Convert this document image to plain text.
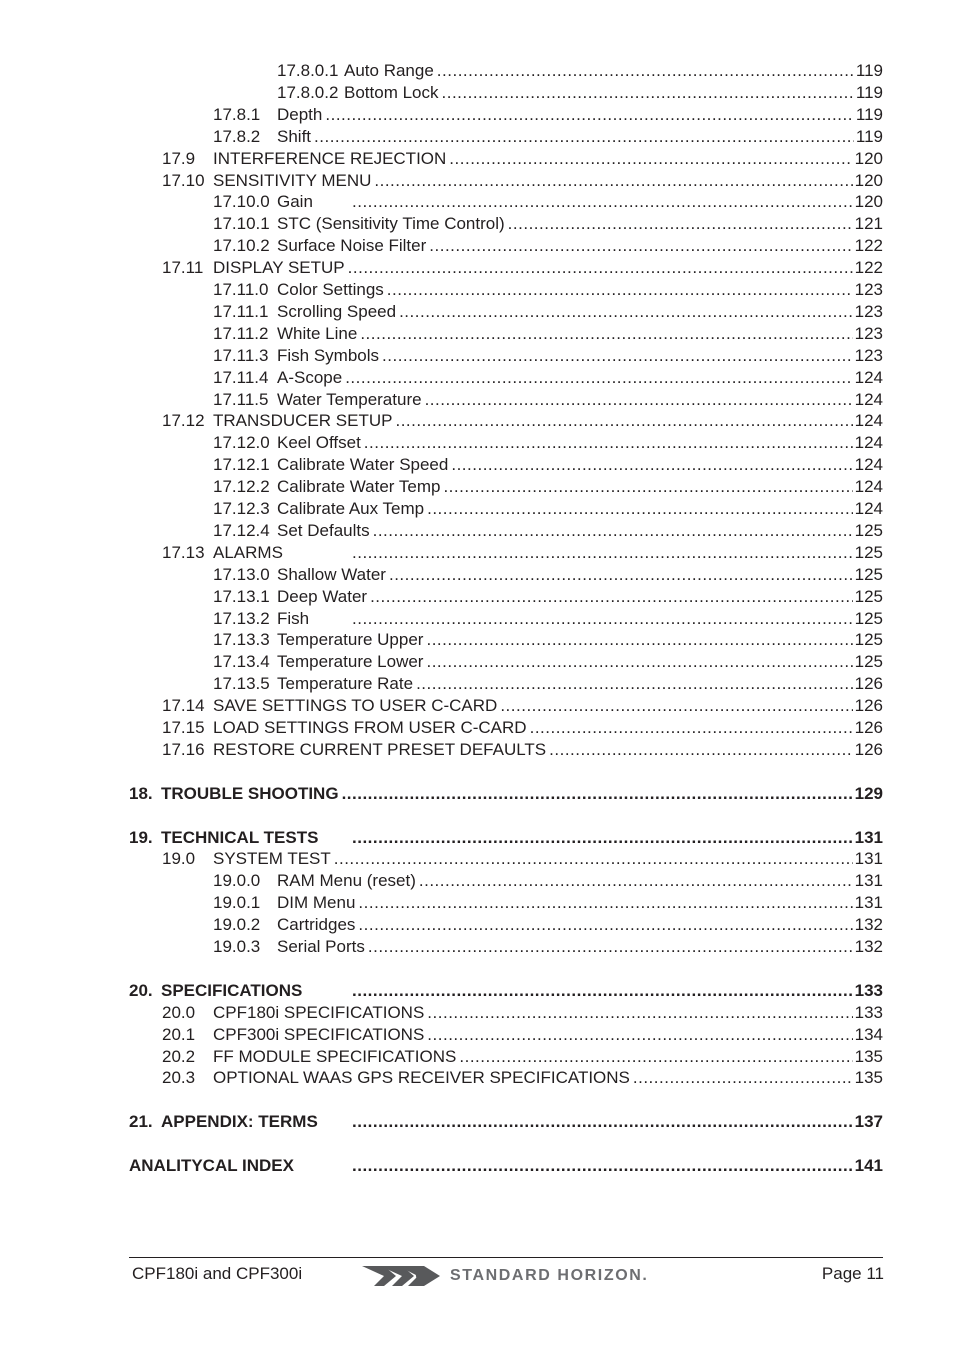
17.8.0.1 Auto Range .....	119
17.8.0.2 Bottom Lock .....	119
17.8.1 Depth .....	119
17.8.2 Shift .....	119
17.9	INTERFERENCE REJECTION .....	120
17.10 SENSITIVITY MENU .....	120
17.10.0 Gain .....	120
17.10.1 STC (Sensitivity Time Control) .....	121
17.10.2 Surface Noise Filter .....	122
17.11 DISPLAY SETUP .....	122
17.11.0 Color Settings .....	123
17.11.1 Scrolling Speed .....	123
17.11.2 White Line .....	123
17.11.3 Fish Symbols .....	123
17.11.4 A-Scope .....	124
17.11.5 Water Temperature .....	124
17.12 TRANSDUCER SETUP .....	124
17.12.0 Keel Offset .....	124
17.12.1 Calibrate Water Speed .....	124
17.12.2 Calibrate Water Temp .....	124
17.12.3 Calibrate Aux Temp .....	124
17.12.4 Set Defaults .....	125
17.13 ALARMS .....	125
17.13.0 Shallow Water .....	125
17.13.1 Deep Water .....	125
17.13.2 Fish .....	125
17.13.3 Temperature Upper .....	125
17.13.4 Temperature Lower .....	125
17.13.5 Temperature Rate .....	126
17.14 SAVE SETTINGS TO USER C-CARD .....	126
17.15 LOAD SETTINGS FROM USER C-CARD .....	126
17.16 RESTORE CURRENT PRESET DEFAULTS .....	126
18. TROUBLE SHOOTING .....	129
19. TECHNICAL TESTS .....	131
19.0	SYSTEM TEST .....	131
19.0.0 RAM Menu (reset) .....	131
19.0.1 DIM Menu .....	131
19.0.2 Cartridges .....	132
19.0.3 Serial Ports .....	132
20. SPECIFICATIONS .....	133
20.0	CPF180i SPECIFICATIONS .....	133
20.1	CPF300i SPECIFICATIONS .....	134
20.2	FF MODULE SPECIFICATIONS .....	135
20.3	OPTIONAL WAAS GPS RECEIVER SPECIFICATIONS .....	135
21. APPENDIX: TERMS .....	137
ANALITYCAL INDEX .....	141
CPF180i and CPF300i	STANDARD HORIZON.	Page 11
